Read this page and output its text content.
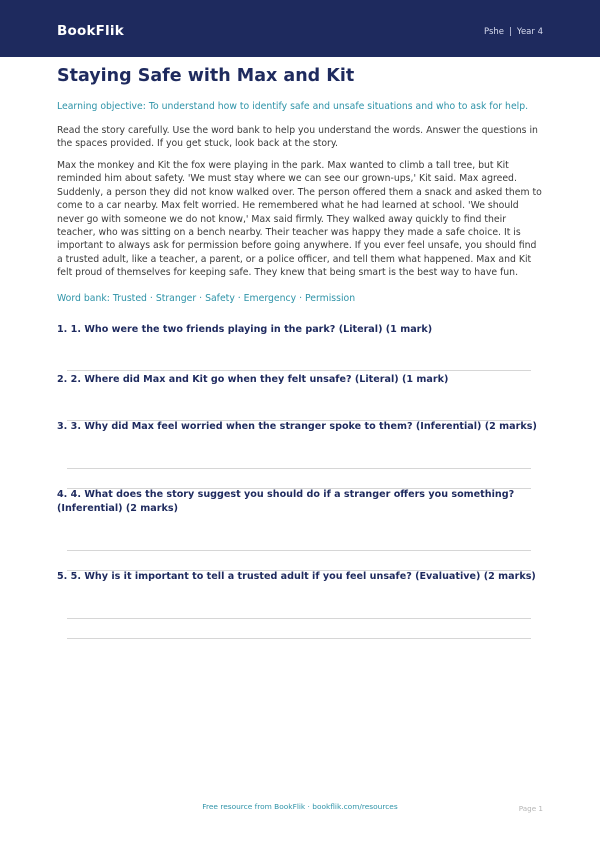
BookFlik	Pshe | Year 4
Staying Safe with Max and Kit

Learning objective: To understand how to identify safe and unsafe situations and who to ask for help.

Read the story carefully. Use the word bank to help you understand the words. Answer the questions in the spaces provided. If you get stuck, look back at the story.

Max the monkey and Kit the fox were playing in the park. Max wanted to climb a tall tree, but Kit reminded him about safety. 'We must stay where we can see our grown-ups,' Kit said. Max agreed. Suddenly, a person they did not know walked over. The person offered them a snack and asked them to come to a car nearby. Max felt worried. He remembered what he had learned at school. 'We should never go with someone we do not know,' Max said firmly. They walked away quickly to find their teacher, who was sitting on a bench nearby. Their teacher was happy they made a safe choice. It is important to always ask for permission before going anywhere. If you ever feel unsafe, you should find a trusted adult, like a teacher, a parent, or a police officer, and tell them what happened. Max and Kit felt proud of themselves for keeping safe. They knew that being smart is the best way to have fun.

Word bank: Trusted · Stranger · Safety · Emergency · Permission

1. 1. Who were the two friends playing in the park? (Literal) (1 mark)
2. 2. Where did Max and Kit go when they felt unsafe? (Literal) (1 mark)
3. 3. Why did Max feel worried when the stranger spoke to them? (Inferential) (2 marks)
4. 4. What does the story suggest you should do if a stranger offers you something? (Inferential) (2 marks)
5. 5. Why is it important to tell a trusted adult if you feel unsafe? (Evaluative) (2 marks)
Free resource from BookFlik · bookflik.com/resources	Page 1
